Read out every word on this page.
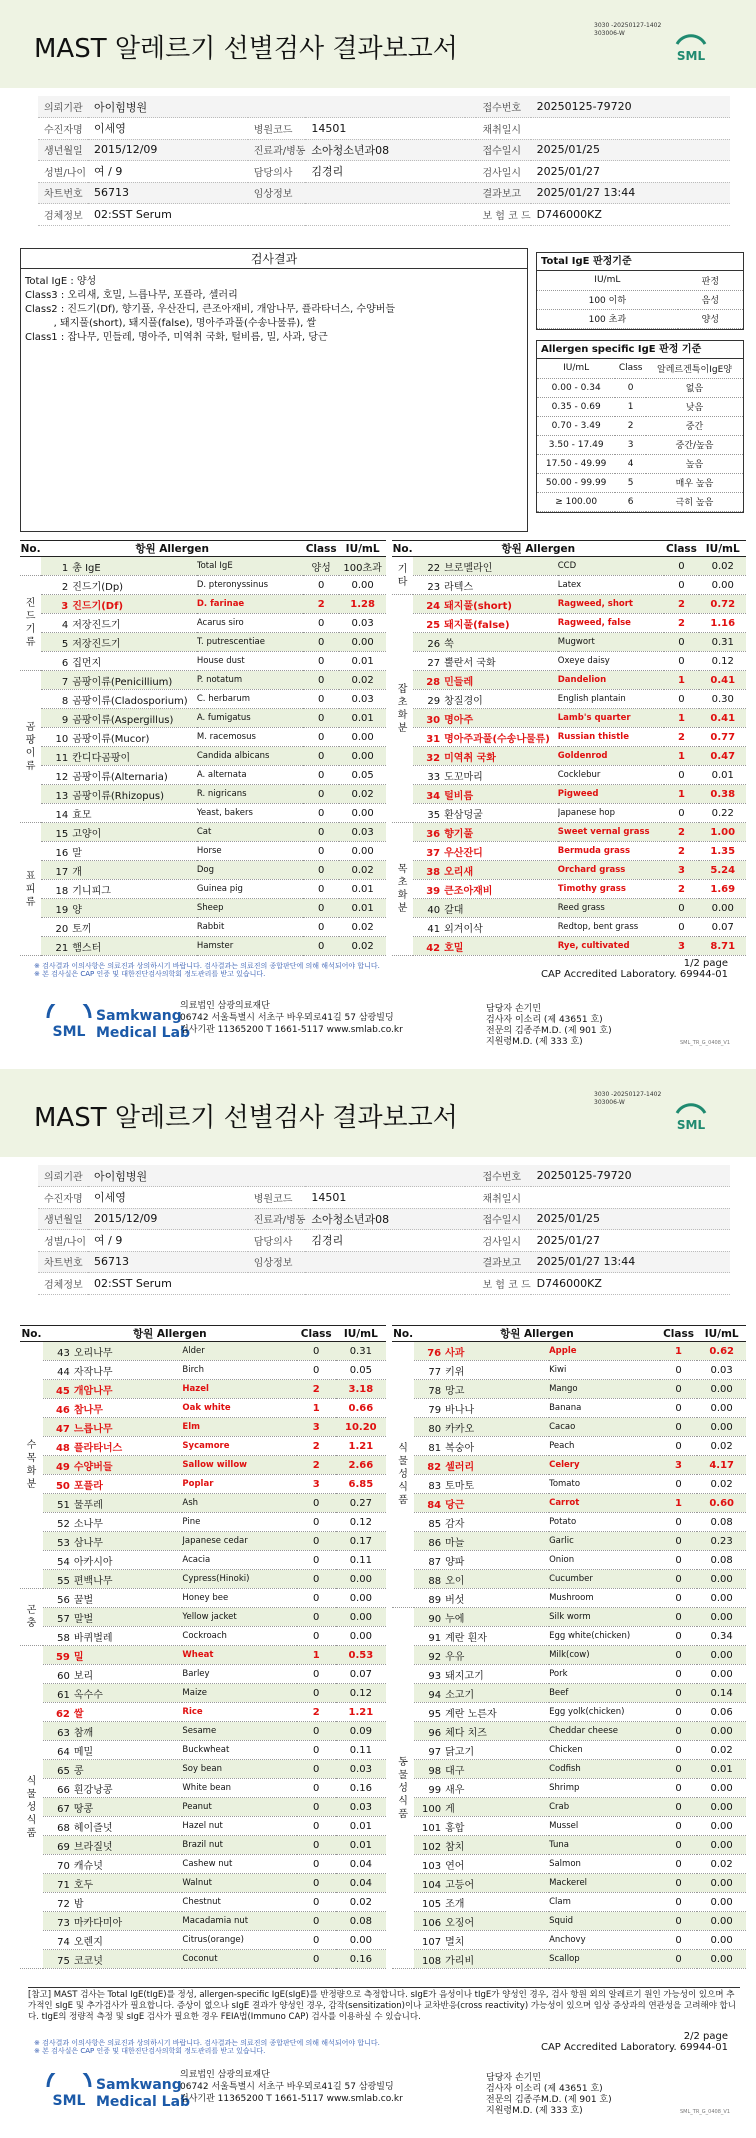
MAST 알레르기 선별검사 결과보고서
3030 -20250127-1402
303006-W
SML
의뢰기관	아이힘병원				접수번호	20250125-79720
수진자명	이세영	병원코드	14501		채취일시	
생년월일	2015/12/09	진료과/병동	소아청소년과08		접수일시	2025/01/25
성별/나이	여 / 9	담당의사	김경리		검사일시	2025/01/27
차트번호	56713	임상정보			결과보고	2025/01/27 13:44
검체정보	02:SST Serum				보 험 코 드	D746000KZ
검사결과
Total IgE : 양성
Class3 : 오리새, 호밀, 느릅나무, 포플라, 셀러리
Class2 : 진드기(Df), 향기풀, 우산잔디, 큰조아재비, 개암나무, 플라타너스, 수양버들
, 돼지풀(short), 돼지풀(false), 명아주과풀(수송나물류), 쌀
Class1 : 잡나무, 민들레, 명아주, 미역취 국화, 털비름, 밀, 사과, 당근
Total IgE 판정기준
IU/mL	판정
100 이하	음성
100 초과	양성
Allergen specific IgE 판정 기준
IU/mL	Class	알레르겐특이IgE양
0.00 - 0.34	0	없음
0.35 - 0.69	1	낮음
0.70 - 3.49	2	중간
3.50 - 17.49	3	중간/높음
17.50 - 49.99	4	높음
50.00 - 99.99	5	매우 높음
≥ 100.00	6	극히 높음
No.	항원 Allergen		Class	IU/mL
	1 총 IgE	Total IgE	양성	100초과

진
드
기
류	2 진드기(Dp)	D. pteronyssinus	0	0.00
	3 진드기(Df)	D. farinae	2	1.28
	4 저장진드기	Acarus siro	0	0.03
	5 저장진드기	T. putrescentiae	0	0.00
	6 집먼지	House dust	0	0.01

곰
팡
이
류	7 곰팡이류(Penicillium)	P. notatum	0	0.02
	8 곰팡이류(Cladosporium)	C. herbarum	0	0.03
	9 곰팡이류(Aspergillus)	A. fumigatus	0	0.01
	10 곰팡이류(Mucor)	M. racemosus	0	0.00
	11 칸디다곰팡이	Candida albicans	0	0.00
	12 곰팡이류(Alternaria)	A. alternata	0	0.05
	13 곰팡이류(Rhizopus)	R. nigricans	0	0.02
	14 효모	Yeast, bakers	0	0.00

표
피
류	15 고양이	Cat	0	0.03
	16 말	Horse	0	0.00
	17 개	Dog	0	0.02
	18 기니피그	Guinea pig	0	0.01
	19 양	Sheep	0	0.01
	20 토끼	Rabbit	0	0.02
	21 햄스터	Hamster	0	0.02
No.	항원 Allergen		Class	IU/mL

기
타	22 브로멜라인	CCD	0	0.02
	23 라텍스	Latex	0	0.00

잡
초
화
분	24 돼지풀(short)	Ragweed, short	2	0.72
	25 돼지풀(false)	Ragweed, false	2	1.16
	26 쑥	Mugwort	0	0.31
	27 뿔란서 국화	Oxeye daisy	0	0.12
	28 민들레	Dandelion	1	0.41
	29 창질경이	English plantain	0	0.30
	30 명아주	Lamb's quarter	1	0.41
	31 명아주과풀(수송나물류)	Russian thistle	2	0.77
	32 미역취 국화	Goldenrod	1	0.47
	33 도꼬마리	Cocklebur	0	0.01
	34 털비름	Pigweed	1	0.38
	35 환삼덩굴	Japanese hop	0	0.22

목
초
화
분	36 향기풀	Sweet vernal grass	2	1.00
	37 우산잔디	Bermuda grass	2	1.35
	38 오리새	Orchard grass	3	5.24
	39 큰조아재비	Timothy grass	2	1.69
	40 갈대	Reed grass	0	0.00
	41 외겨이삭	Redtop, bent grass	0	0.07
	42 호밀	Rye, cultivated	3	8.71
※ 검사결과 이의사항은 의료진과 상의하시기 바랍니다. 검사결과는 의료진의 종합판단에 의해 해석되어야 합니다.
※ 본 검사실은 CAP 인증 및 대한진단검사의학회 정도관리를 받고 있습니다.
1/2 page
CAP Accredited Laboratory. 69944-01
SML
Samkwang
Medical Lab
의료법인 삼광의료재단
06742 서울특별시 서초구 바우뫼로41길 57 삼광빌딩
검사기관 11365200 T 1661-5117 www.smlab.co.kr
담당자 손기민
검사자 이소리 (제 43651 호)
전문의 김종주M.D. (제 901 호)
지원령M.D. (제 333 호)	SML_TR_G_0408_V1
MAST 알레르기 선별검사 결과보고서
3030 -20250127-1402
303006-W
SML
의뢰기관	아이힘병원				접수번호	20250125-79720
수진자명	이세영	병원코드	14501		채취일시	
생년월일	2015/12/09	진료과/병동	소아청소년과08		접수일시	2025/01/25
성별/나이	여 / 9	담당의사	김경리		검사일시	2025/01/27
차트번호	56713	임상정보			결과보고	2025/01/27 13:44
검체정보	02:SST Serum				보 험 코 드	D746000KZ
No.	항원 Allergen		Class	IU/mL

수
목
화
분	43 오리나무	Alder	0	0.31
	44 자작나무	Birch	0	0.05
	45 개암나무	Hazel	2	3.18
	46 참나무	Oak white	1	0.66
	47 느릅나무	Elm	3	10.20
	48 플라타너스	Sycamore	2	1.21
	49 수양버들	Sallow willow	2	2.66
	50 포플라	Poplar	3	6.85
	51 물푸레	Ash	0	0.27
	52 소나무	Pine	0	0.12
	53 삼나무	Japanese cedar	0	0.17
	54 아카시아	Acacia	0	0.11
	55 편백나무	Cypress(Hinoki)	0	0.00

곤
충	56 꿀벌	Honey bee	0	0.00
	57 말벌	Yellow jacket	0	0.00
	58 바퀴벌레	Cockroach	0	0.00

식
물
성
식
품	59 밀	Wheat	1	0.53
	60 보리	Barley	0	0.07
	61 옥수수	Maize	0	0.12
	62 쌀	Rice	2	1.21
	63 참깨	Sesame	0	0.09
	64 메밀	Buckwheat	0	0.11
	65 콩	Soy bean	0	0.03
	66 흰강낭콩	White bean	0	0.16
	67 땅콩	Peanut	0	0.03
	68 헤이즐넛	Hazel nut	0	0.01
	69 브라질넛	Brazil nut	0	0.01
	70 캐슈넛	Cashew nut	0	0.04
	71 호두	Walnut	0	0.04
	72 밤	Chestnut	0	0.02
	73 마카다미아	Macadamia nut	0	0.08
	74 오렌지	Citrus(orange)	0	0.00
	75 코코넛	Coconut	0	0.16
No.	항원 Allergen		Class	IU/mL

식
물
성
식
품	76 사과	Apple	1	0.62
	77 키위	Kiwi	0	0.03
	78 망고	Mango	0	0.00
	79 바나나	Banana	0	0.00
	80 카카오	Cacao	0	0.00
	81 복숭아	Peach	0	0.02
	82 셀러리	Celery	3	4.17
	83 토마토	Tomato	0	0.02
	84 당근	Carrot	1	0.60
	85 감자	Potato	0	0.08
	86 마늘	Garlic	0	0.23
	87 양파	Onion	0	0.08
	88 오이	Cucumber	0	0.00
	89 버섯	Mushroom	0	0.00

동
물
성
식
품	90 누에	Silk worm	0	0.00
	91 계란 흰자	Egg white(chicken)	0	0.34
	92 우유	Milk(cow)	0	0.00
	93 돼지고기	Pork	0	0.00
	94 소고기	Beef	0	0.14
	95 계란 노른자	Egg yolk(chicken)	0	0.06
	96 체다 치즈	Cheddar cheese	0	0.00
	97 닭고기	Chicken	0	0.02
	98 대구	Codfish	0	0.01
	99 새우	Shrimp	0	0.00
	100 게	Crab	0	0.00
	101 홍합	Mussel	0	0.00
	102 참치	Tuna	0	0.00
	103 연어	Salmon	0	0.02
	104 고등어	Mackerel	0	0.00
	105 조개	Clam	0	0.00
	106 오징어	Squid	0	0.00
	107 멸치	Anchovy	0	0.00
	108 가리비	Scallop	0	0.00
[참고] MAST 검사는 Total IgE(tIgE)를 정성, allergen-specific IgE(sIgE)를 반정량으로 측정합니다. sIgE가 음성이나 tIgE가 양성인 경우, 검사 항원 외의 알레르기 원인 가능성이 있으며 추가적인 sIgE 및 추가검사가 필요합니다. 증상이 없으나 sIgE 결과가 양성인 경우, 감작(sensitization)이나 교차반응(cross reactivity) 가능성이 있으며 임상 증상과의 연관성을 고려해야 합니다. tIgE의 정량적 측정 및 sIgE 검사가 필요한 경우 FEIA법(Immuno CAP) 검사를 이용하실 수 있습니다.
※ 검사결과 이의사항은 의료진과 상의하시기 바랍니다. 검사결과는 의료진의 종합판단에 의해 해석되어야 합니다.
※ 본 검사실은 CAP 인증 및 대한진단검사의학회 정도관리를 받고 있습니다.
2/2 page
CAP Accredited Laboratory. 69944-01
SML
Samkwang
Medical Lab
의료법인 삼광의료재단
06742 서울특별시 서초구 바우뫼로41길 57 삼광빌딩
검사기관 11365200 T 1661-5117 www.smlab.co.kr
담당자 손기민
검사자 이소리 (제 43651 호)
전문의 김종주M.D. (제 901 호)
지원령M.D. (제 333 호)	SML_TR_G_0408_V1
